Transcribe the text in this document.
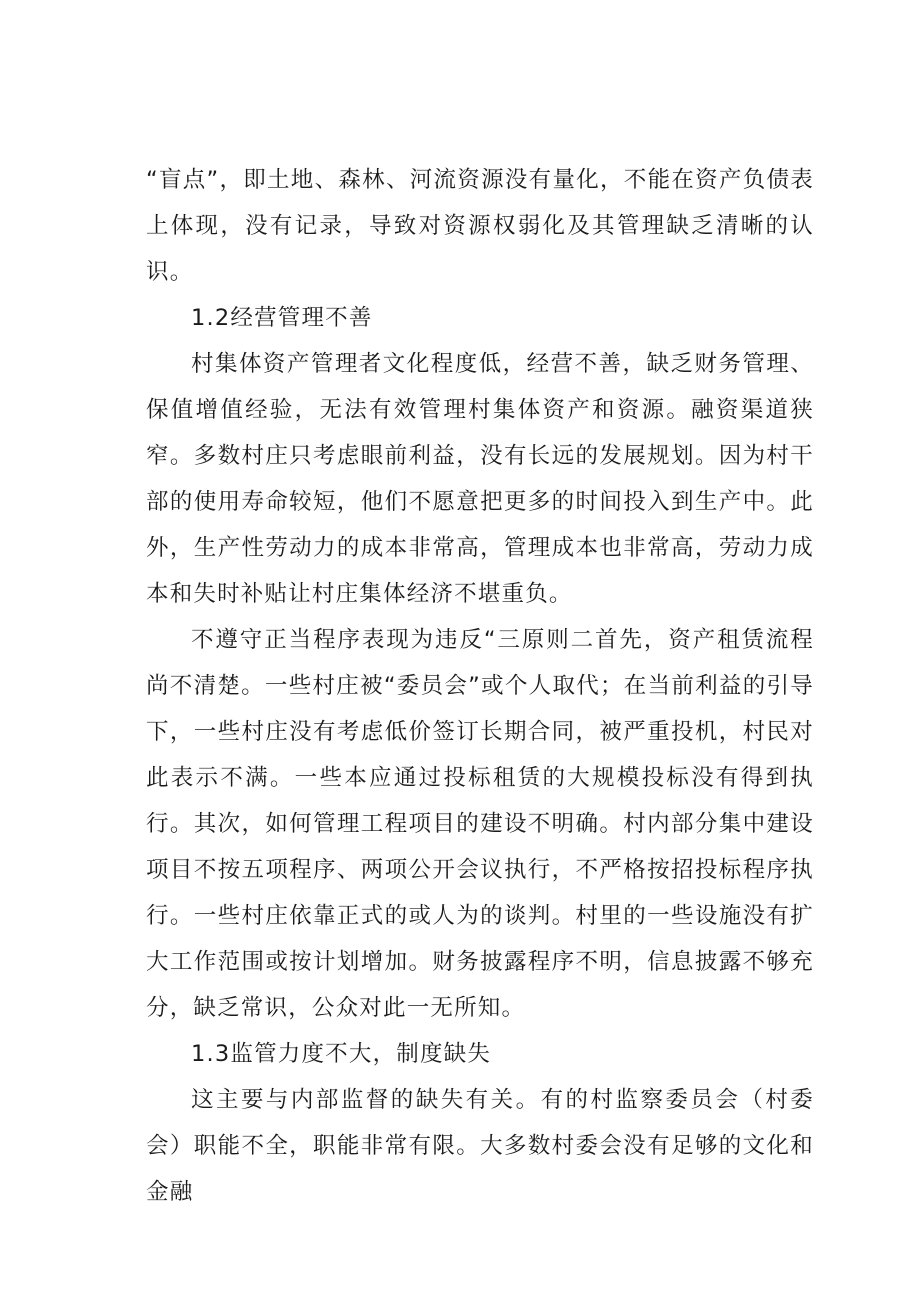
“盲点”，即土地、森林、河流资源没有量化，不能在资产负债表上体现，没有记录，导致对资源权弱化及其管理缺乏清晰的认识。

1.2经营管理不善

村集体资产管理者文化程度低，经营不善，缺乏财务管理、保值增值经验，无法有效管理村集体资产和资源。融资渠道狭窄。多数村庄只考虑眼前利益，没有长远的发展规划。因为村干部的使用寿命较短，他们不愿意把更多的时间投入到生产中。此外，生产性劳动力的成本非常高，管理成本也非常高，劳动力成本和失时补贴让村庄集体经济不堪重负。

不遵守正当程序表现为违反“三原则二首先，资产租赁流程尚不清楚。一些村庄被“委员会”或个人取代；在当前利益的引导下，一些村庄没有考虑低价签订长期合同，被严重投机，村民对此表示不满。一些本应通过投标租赁的大规模投标没有得到执行。其次，如何管理工程项目的建设不明确。村内部分集中建设项目不按五项程序、两项公开会议执行，不严格按招投标程序执行。一些村庄依靠正式的或人为的谈判。村里的一些设施没有扩大工作范围或按计划增加。财务披露程序不明，信息披露不够充分，缺乏常识，公众对此一无所知。

1.3监管力度不大，制度缺失

这主要与内部监督的缺失有关。有的村监察委员会（村委会）职能不全，职能非常有限。大多数村委会没有足够的文化和金融
